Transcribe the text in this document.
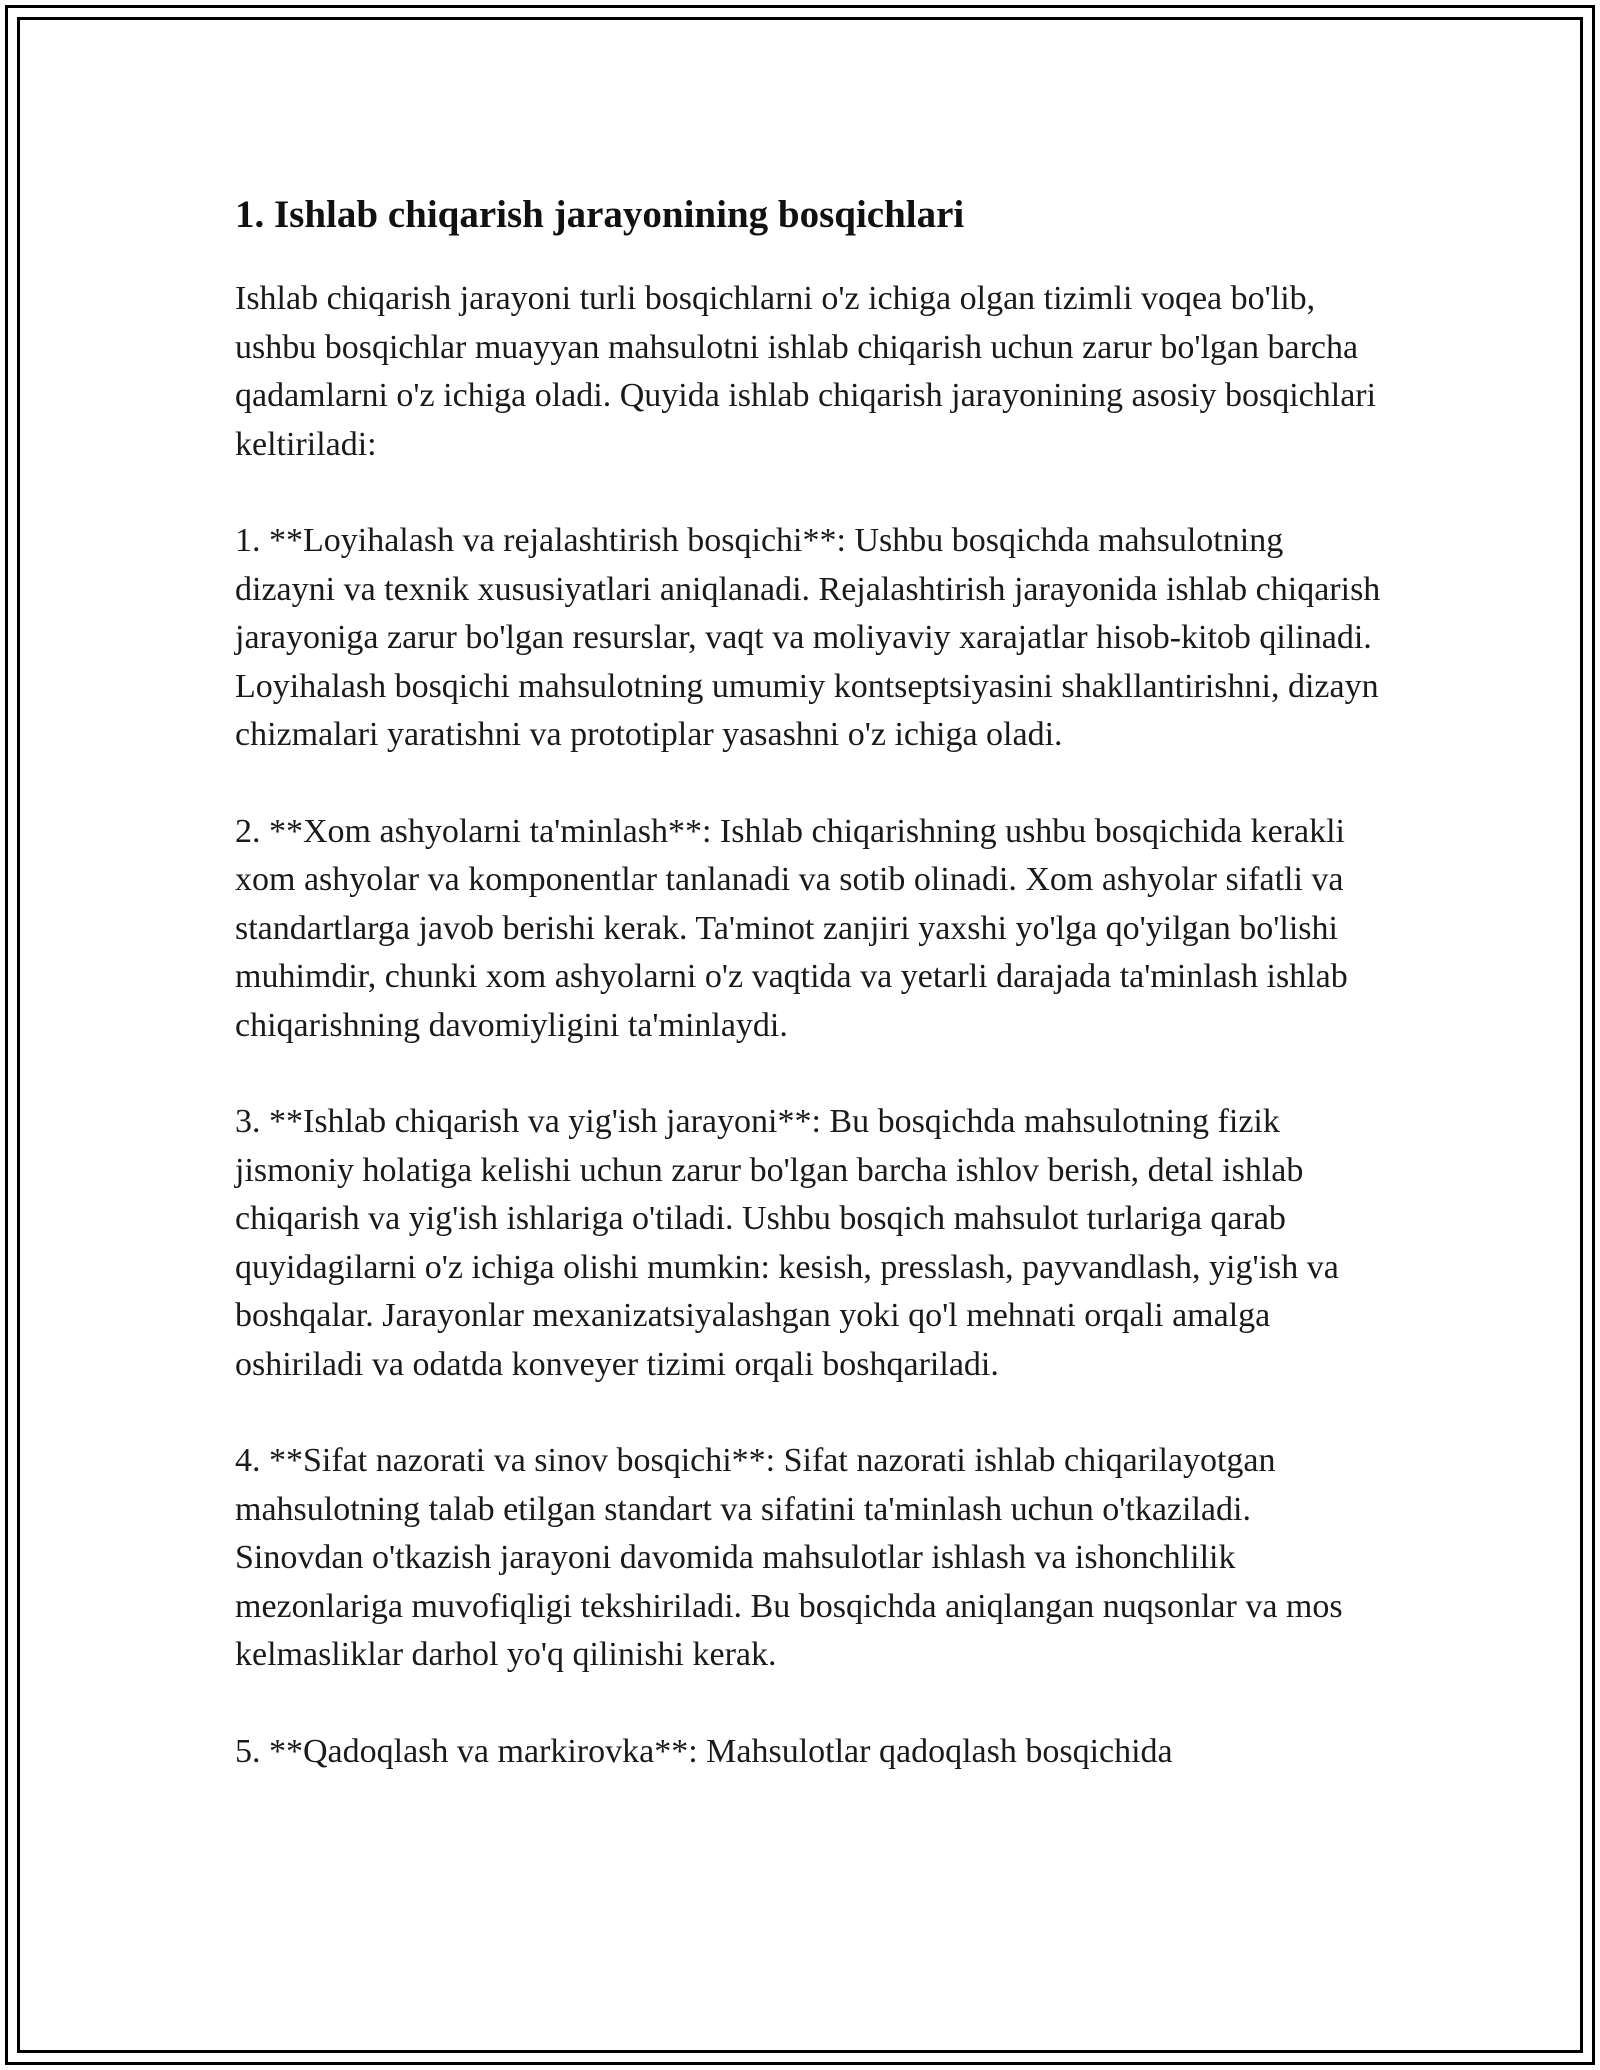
1. Ishlab chiqarish jarayonining bosqichlari

Ishlab chiqarish jarayoni turli bosqichlarni o'z ichiga olgan tizimli voqea bo'lib, ushbu bosqichlar muayyan mahsulotni ishlab chiqarish uchun zarur bo'lgan barcha qadamlarni o'z ichiga oladi. Quyida ishlab chiqarish jarayonining asosiy bosqichlari keltiriladi:

1. **Loyihalash va rejalashtirish bosqichi**: Ushbu bosqichda mahsulotning dizayni va texnik xususiyatlari aniqlanadi. Rejalashtirish jarayonida ishlab chiqarish jarayoniga zarur bo'lgan resurslar, vaqt va moliyaviy xarajatlar hisob-kitob qilinadi. Loyihalash bosqichi mahsulotning umumiy kontseptsiyasini shakllantirishni, dizayn chizmalari yaratishni va prototiplar yasashni o'z ichiga oladi.

2. **Xom ashyolarni ta'minlash**: Ishlab chiqarishning ushbu bosqichida kerakli xom ashyolar va komponentlar tanlanadi va sotib olinadi. Xom ashyolar sifatli va standartlarga javob berishi kerak. Ta'minot zanjiri yaxshi yo'lga qo'yilgan bo'lishi muhimdir, chunki xom ashyolarni o'z vaqtida va yetarli darajada ta'minlash ishlab chiqarishning davomiyligini ta'minlaydi.

3. **Ishlab chiqarish va yig'ish jarayoni**: Bu bosqichda mahsulotning fizik jismoniy holatiga kelishi uchun zarur bo'lgan barcha ishlov berish, detal ishlab chiqarish va yig'ish ishlariga o'tiladi. Ushbu bosqich mahsulot turlariga qarab quyidagilarni o'z ichiga olishi mumkin: kesish, presslash, payvandlash, yig'ish va boshqalar. Jarayonlar mexanizatsiyalashgan yoki qo'l mehnati orqali amalga oshiriladi va odatda konveyer tizimi orqali boshqariladi.

4. **Sifat nazorati va sinov bosqichi**: Sifat nazorati ishlab chiqarilayotgan mahsulotning talab etilgan standart va sifatini ta'minlash uchun o'tkaziladi. Sinovdan o'tkazish jarayoni davomida mahsulotlar ishlash va ishonchlilik mezonlariga muvofiqligi tekshiriladi. Bu bosqichda aniqlangan nuqsonlar va mos kelmasliklar darhol yo'q qilinishi kerak.

5. **Qadoqlash va markirovka**: Mahsulotlar qadoqlash bosqichida
